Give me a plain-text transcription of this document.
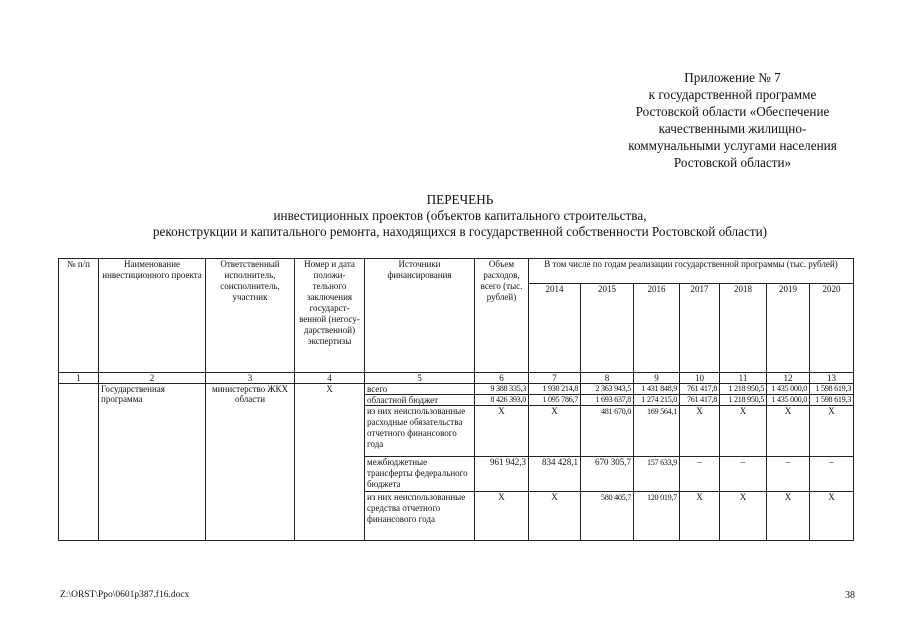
Приложение № 7
к государственной программе
Ростовской области «Обеспечение
качественными жилищно-
коммунальными услугами населения
Ростовской области»
ПЕРЕЧЕНЬ
инвестиционных проектов (объектов капитального строительства,
реконструкции и капитального ремонта, находящихся в государственной собственности Ростовской области)
№ п/п	Наименование инвестиционного проекта	Ответственный исполнитель, соисполнитель, участник	Номер и дата положи-тельного заключения государст-венной (негосу-дарственной) экспертизы	Источники финансирования	Объем расходов, всего (тыс. рублей)	В том числе по годам реализации государственной программы (тыс. рублей)						
						2014	2015	2016	2017	2018	2019	2020
1	2	3	4	5	6	7	8	9	10	11	12	13
	Государственная программа	министерство ЖКХ области	Х	всего	9 388 335,3	1 930 214,8	2 363 943,5	1 431 848,9	761 417,8	1 218 950,5	1 435 000,0	1 598 619,3
				областной бюджет	8 426 393,0	1 095 786,7	1 693 637,8	1 274 215,0	761 417,8	1 218 950,5	1 435 000,0	1 598 619,3
				из них неиспользованные расходные обязательства отчетного финансового года	Х	Х	481 670,0	169 564,1	Х	Х	Х	Х
				межбюджетные трансферты федерального бюджета	961 942,3	834 428,1	670 305,7	157 633,9	–	–	–	–
				из них неиспользованные средства отчетного финансового года	Х	Х	580 405,7	120 019,7	Х	Х	Х	Х
Z:\ORST\Ppo\0601p387.f16.docx	38
